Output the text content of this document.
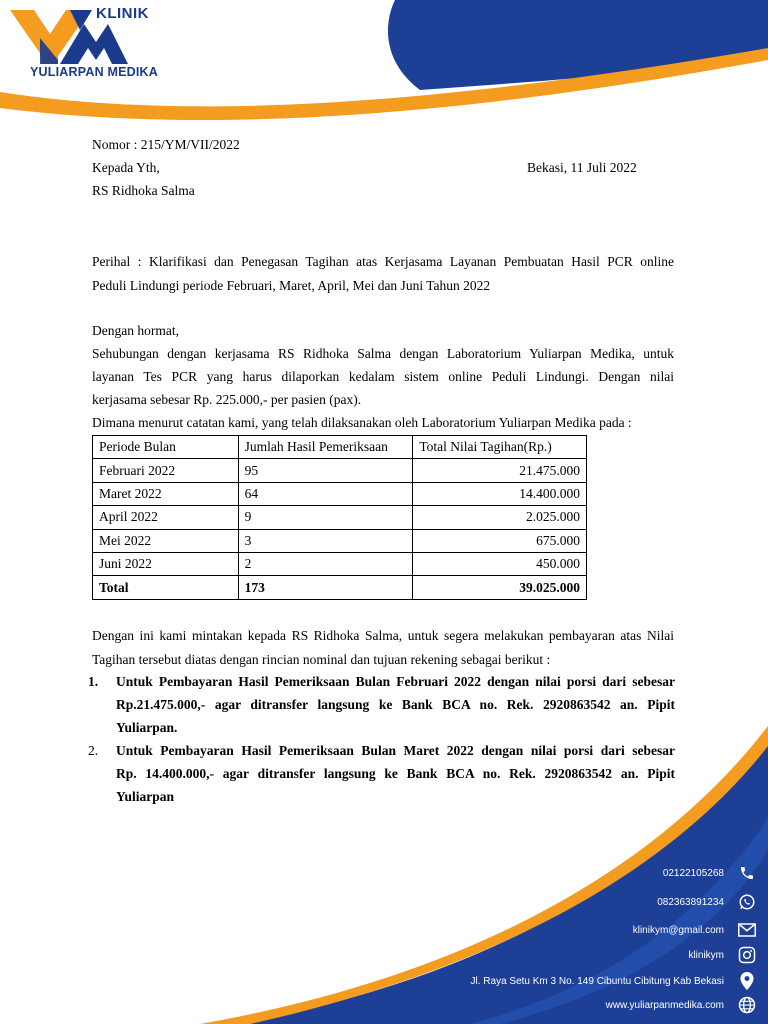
KLINIK
YULIARPAN MEDIKA
Nomor : 215/YM/VII/2022
Kepada Yth,	Bekasi, 11 Juli 2022
RS Ridhoka Salma
Perihal : Klarifikasi dan Penegasan Tagihan atas Kerjasama Layanan Pembuatan Hasil PCR online
Peduli Lindungi periode Februari, Maret, April, Mei dan Juni Tahun 2022
Dengan hormat,
Sehubungan dengan kerjasama RS Ridhoka Salma dengan Laboratorium Yuliarpan Medika, untuk
layanan Tes PCR yang harus dilaporkan kedalam sistem online Peduli Lindungi. Dengan nilai
kerjasama sebesar Rp. 225.000,- per pasien (pax).
Dimana menurut catatan kami, yang telah dilaksanakan oleh Laboratorium Yuliarpan Medika pada :
Periode Bulan	Jumlah Hasil Pemeriksaan	Total Nilai Tagihan(Rp.)
Februari 2022	95	21.475.000
Maret 2022	64	14.400.000
April 2022	9	2.025.000
Mei 2022	3	675.000
Juni 2022	2	450.000
Total	173	39.025.000
Dengan ini kami mintakan kepada RS Ridhoka Salma, untuk segera melakukan pembayaran atas Nilai
Tagihan tersebut diatas dengan rincian nominal dan tujuan rekening sebagai berikut :
1. Untuk Pembayaran Hasil Pemeriksaan Bulan Februari 2022 dengan nilai porsi dari sebesar
Rp.21.475.000,- agar ditransfer langsung ke Bank BCA no. Rek. 2920863542 an. Pipit
Yuliarpan.
2. Untuk Pembayaran Hasil Pemeriksaan Bulan Maret 2022 dengan nilai porsi dari sebesar
Rp. 14.400.000,- agar ditransfer langsung ke Bank BCA no. Rek. 2920863542 an. Pipit
Yuliarpan
02122105268
082363891234
klinikym@gmail.com
klinikym
Jl. Raya Setu Km 3 No. 149 Cibuntu Cibitung Kab Bekasi
www.yuliarpanmedika.com
